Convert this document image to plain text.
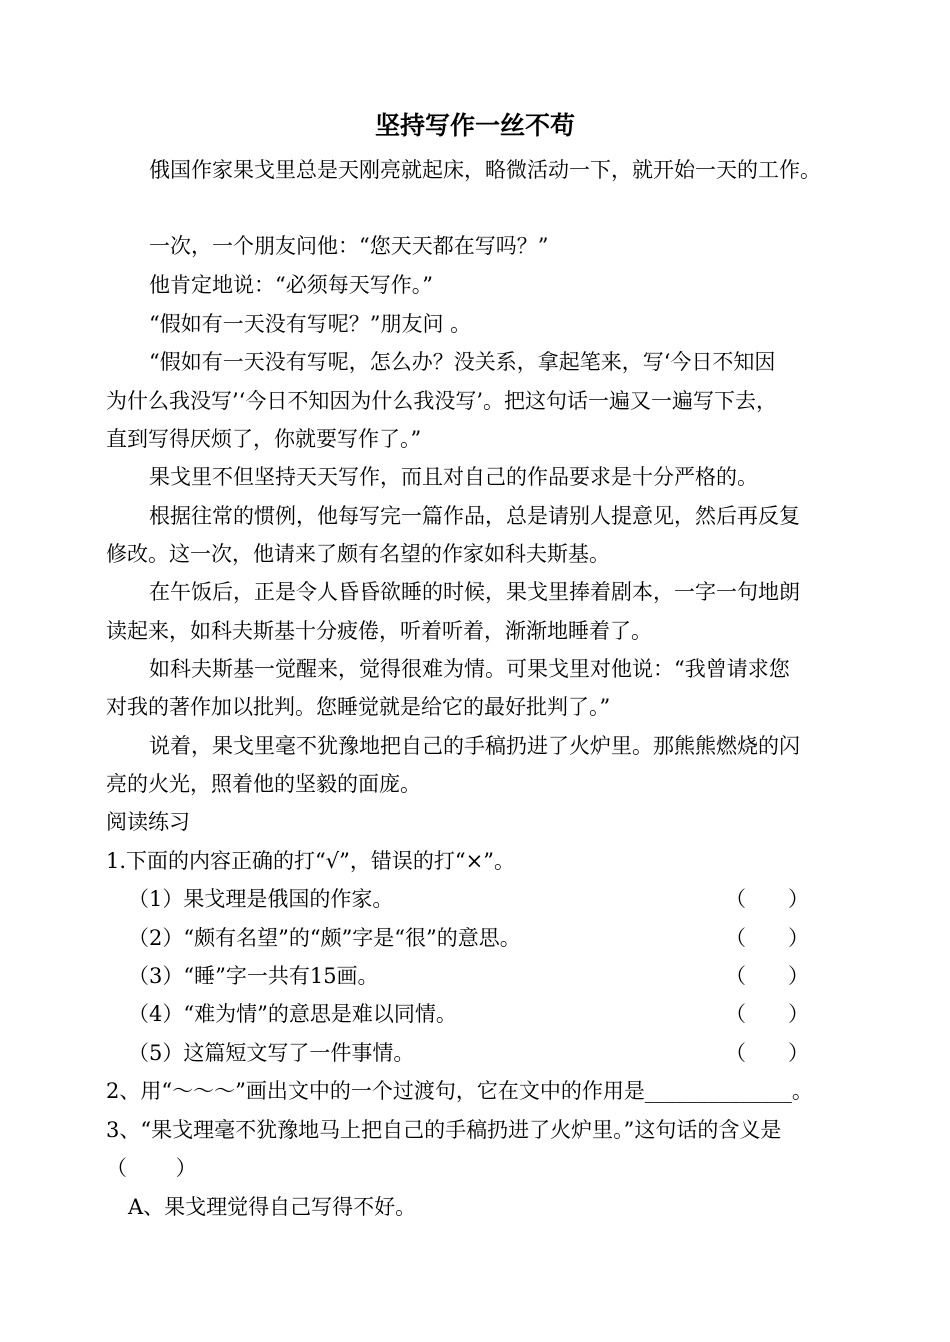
坚持写作一丝不苟
俄国作家果戈里总是天刚亮就起床，略微活动一下，就开始一天的工作。
一次，一个朋友问他：“您天天都在写吗？”
他肯定地说：“必须每天写作。”
“假如有一天没有写呢？”朋友问 。
“假如有一天没有写呢，怎么办？没关系，拿起笔来，写‘今日不知因
为什么我没写’‘今日不知因为什么我没写’。把这句话一遍又一遍写下去，
直到写得厌烦了，你就要写作了。”
果戈里不但坚持天天写作，而且对自己的作品要求是十分严格的。
根据往常的惯例，他每写完一篇作品，总是请别人提意见，然后再反复
修改。这一次，他请来了颇有名望的作家如科夫斯基。
在午饭后，正是令人昏昏欲睡的时候，果戈里捧着剧本，一字一句地朗
读起来，如科夫斯基十分疲倦，听着听着，渐渐地睡着了。
如科夫斯基一觉醒来，觉得很难为情。可果戈里对他说：“我曾请求您
对我的著作加以批判。您睡觉就是给它的最好批判了。”
说着，果戈里毫不犹豫地把自己的手稿扔进了火炉里。那熊熊燃烧的闪
亮的火光，照着他的坚毅的面庞。
阅读练习
1.下面的内容正确的打“√”，错误的打“×”。
（1）果戈理是俄国的作家。	（　　）
（2）“颇有名望”的“颇”字是“很”的意思。	（　　）
（3）“睡”字一共有15画。	（　　）
（4）“难为情”的意思是难以同情。	（　　）
（5）这篇短文写了一件事情。	（　　）
2、用“～～～”画出文中的一个过渡句，它在文中的作用是______________。
3、“果戈理毫不犹豫地马上把自己的手稿扔进了火炉里。”这句话的含义是
（　　 ）
A、果戈理觉得自己写得不好。
